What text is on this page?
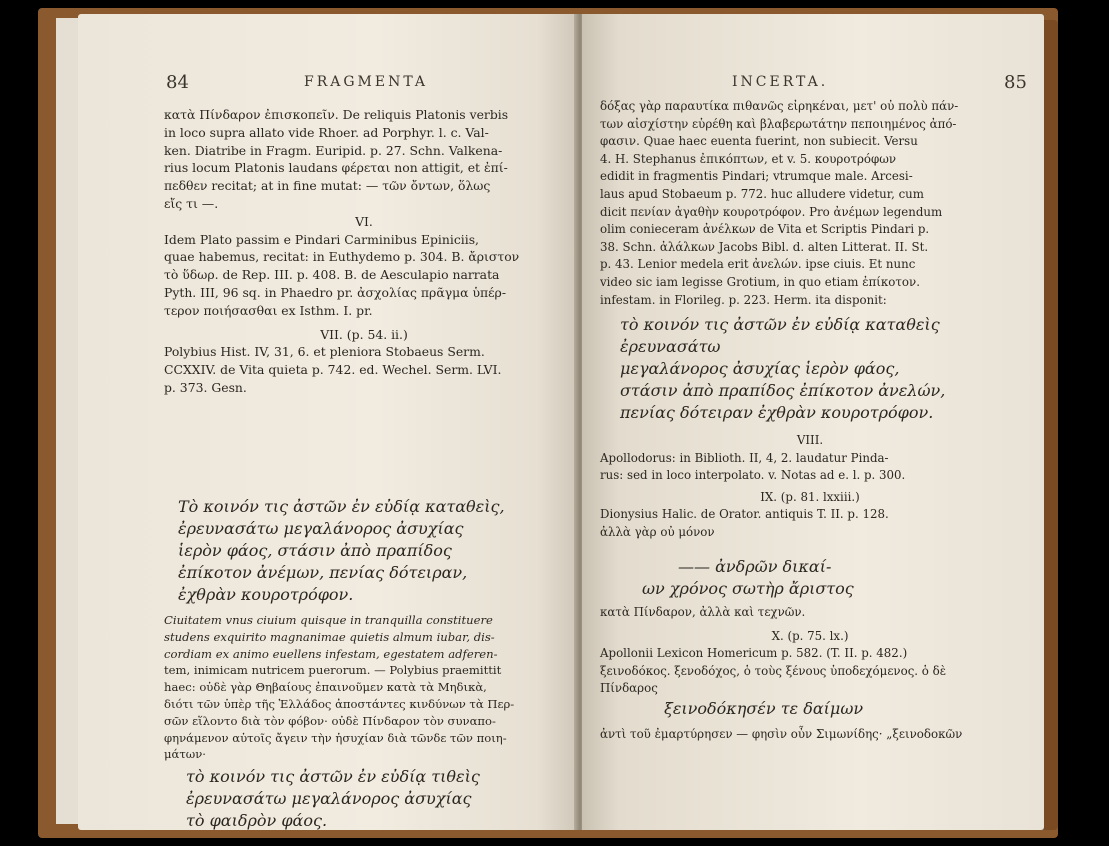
84	FRAGMENTA
κατὰ Πίνδαρον ἐπισκοπεῖν. De reliquis Platonis verbis
in loco supra allato vide Rhoer. ad Porphyr. l. c. Val-
ken. Diatribe in Fragm. Euripid. p. 27. Schn. Valkena-
rius locum Platonis laudans φέρεται non attigit, et ἐπί-
πεδθεν recitat; at in fine mutat: — τῶν ὄντων, ὅλως
εἴς τι —.
VI.
Idem Plato passim e Pindari Carminibus Epiniciis,
quae habemus, recitat: in Euthydemo p. 304. B. ἄριστον
τὸ ὕδωρ. de Rep. III. p. 408. B. de Aesculapio narrata
Pyth. III, 96 sq. in Phaedro pr. ἀσχολίας πρᾶγμα ὑπέρ-
τερον ποιήσασθαι ex Isthm. I. pr.
VII. (p. 54. ii.)
Polybius Hist. IV, 31, 6. et pleniora Stobaeus Serm.
CCXXIV. de Vita quieta p. 742. ed. Wechel. Serm. LVI.
p. 373. Gesn.
Τὸ κοινόν τις ἀστῶν ἐν εὐδίᾳ καταθεὶς,
ἐρευνασάτω μεγαλάνορος ἀσυχίας
ἱερὸν φάος, στάσιν ἀπὸ πραπίδος
ἐπίκοτον ἀνέμων, πενίας δότειραν,
ἐχθρὰν κουροτρόφον.
Ciuitatem vnus ciuium quisque in tranquilla constituere
studens exquirito magnanimae quietis almum iubar, dis-
cordiam ex animo euellens infestam, egestatem adferen-
tem, inimicam nutricem puerorum. — Polybius praemittit
haec: οὐδὲ γὰρ Θηβαίους ἐπαινοῦμεν κατὰ τὰ Μηδικὰ,
διότι τῶν ὑπὲρ τῆς Ἑλλάδος ἀποστάντες κινδύνων τὰ Περ-
σῶν εἵλοντο διὰ τὸν φόβον· οὐδὲ Πίνδαρον τὸν συναπο-
φηνάμενον αὐτοῖς ἄγειν τὴν ἡσυχίαν διὰ τῶνδε τῶν ποιη-
μάτων·
τὸ κοινόν τις ἀστῶν ἐν εὐδίᾳ τιθεὶς
ἐρευνασάτω μεγαλάνορος ἀσυχίας
τὸ φαιδρὸν φάος.
INCERTA.	85
δόξας γὰρ παραυτίκα πιθανῶς εἰρηκέναι, μετ' οὐ πολὺ πάν-
των αἰσχίστην εὑρέθη καὶ βλαβερωτάτην πεποιημένος ἀπό-
φασιν. Quae haec euenta fuerint, non subiecit. Versu
4. H. Stephanus ἐπικόπτων, et v. 5. κουροτρόφων
edidit in fragmentis Pindari; vtrumque male. Arcesi-
laus apud Stobaeum p. 772. huc alludere videtur, cum
dicit πενίαν ἀγαθὴν κουροτρόφον. Pro ἀνέμων legendum
olim conieceram ἀνέλκων de Vita et Scriptis Pindari p.
38. Schn. ἀλάλκων Jacobs Bibl. d. alten Litterat. II. St.
p. 43. Lenior medela erit ἀνελών. ipse ciuis. Et nunc
video sic iam legisse Grotium, in quo etiam ἐπίκοτον.
infestam. in Florileg. p. 223. Herm. ita disponit:
τὸ κοινόν τις ἀστῶν ἐν εὐδίᾳ καταθεὶς
ἐρευνασάτω
μεγαλάνορος ἀσυχίας ἱερὸν φάος,
στάσιν ἀπὸ πραπίδος ἐπίκοτον ἀνελών,
πενίας δότειραν ἐχθρὰν κουροτρόφον.
VIII.
Apollodorus: in Biblioth. II, 4, 2. laudatur Pinda-
rus: sed in loco interpolato. v. Notas ad e. l. p. 300.
IX. (p. 81. lxxiii.)
Dionysius Halic. de Orator. antiquis T. II. p. 128.
ἀλλὰ γὰρ οὐ μόνον
—— ἀνδρῶν δικαί-
ων χρόνος σωτὴρ ἄριστος
κατὰ Πίνδαρον, ἀλλὰ καὶ τεχνῶν.
X. (p. 75. lx.)
Apollonii Lexicon Homericum p. 582. (T. II. p. 482.)
ξεινοδόκος. ξενοδόχος, ὁ τοὺς ξένους ὑποδεχόμενος. ὁ δὲ
Πίνδαρος
ξεινοδόκησέν τε δαίμων
ἀντὶ τοῦ ἐμαρτύρησεν — φησὶν οὖν Σιμωνίδης· „ξεινοδοκῶν
